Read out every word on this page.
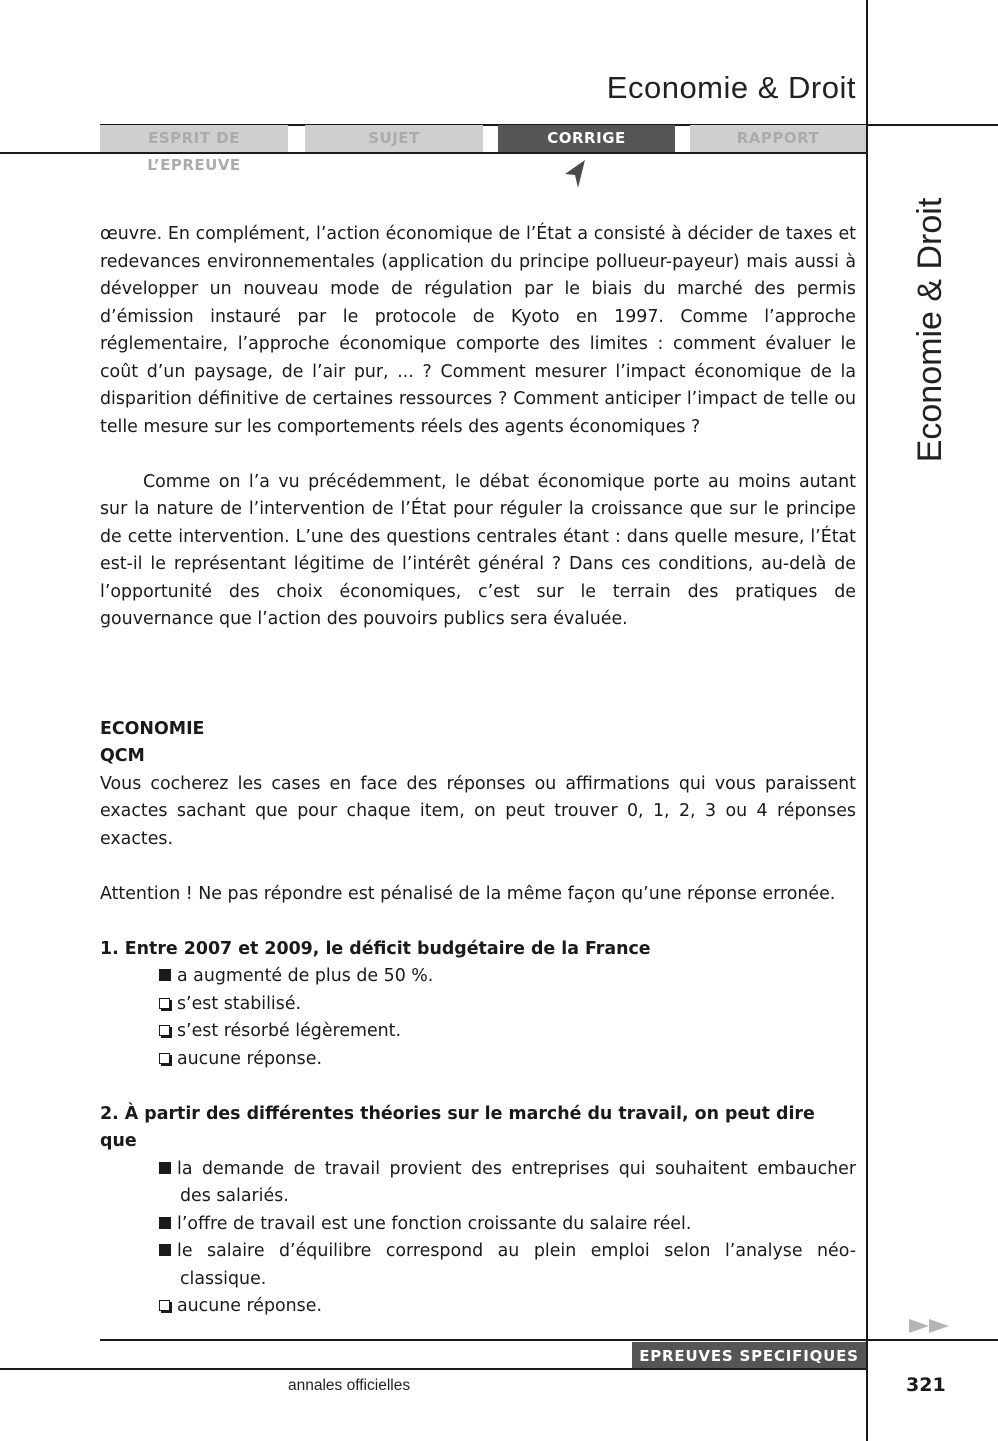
Economie & Droit
ESPRIT DE L’EPREUVE
SUJET	CORRIGE	RAPPORT
Economie & Droit

œuvre. En complément, l’action économique de l’État a consisté à décider de taxes et redevances environnementales (application du principe pollueur-payeur) mais aussi à développer un nouveau mode de régulation par le biais du marché des permis d’émission instauré par le protocole de Kyoto en 1997. Comme l’approche réglementaire, l’approche économique comporte des limites : comment évaluer le coût d’un paysage, de l’air pur, ... ? Comment mesurer l’impact économique de la disparition définitive de certaines ressources ? Comment anticiper l’impact de telle ou telle mesure sur les comportements réels des agents économiques ?

Comme on l’a vu précédemment, le débat économique porte au moins autant sur la nature de l’intervention de l’État pour réguler la croissance que sur le principe de cette intervention. L’une des questions centrales étant : dans quelle mesure, l’État est-il le représentant légitime de l’intérêt général ? Dans ces conditions, au-delà de l’opportunité des choix économiques, c’est sur le terrain des pratiques de gouvernance que l’action des pouvoirs publics sera évaluée.

ECONOMIE

QCM

Vous cocherez les cases en face des réponses ou affirmations qui vous paraissent exactes sachant que pour chaque item, on peut trouver 0, 1, 2, 3 ou 4 réponses exactes.

Attention ! Ne pas répondre est pénalisé de la même façon qu’une réponse erronée.

1. Entre 2007 et 2009, le déficit budgétaire de la France

a augmenté de plus de 50 %.

s’est stabilisé.

s’est résorbé légèrement.

aucune réponse.

2. À partir des différentes théories sur le marché du travail, on peut dire que

la demande de travail provient des entreprises qui souhaitent embaucher des salariés.

l’offre de travail est une fonction croissante du salaire réel.

le salaire d’équilibre correspond au plein emploi selon l’analyse néo-classique.

aucune réponse.

EPREUVES SPECIFIQUES
annales officielles	321
